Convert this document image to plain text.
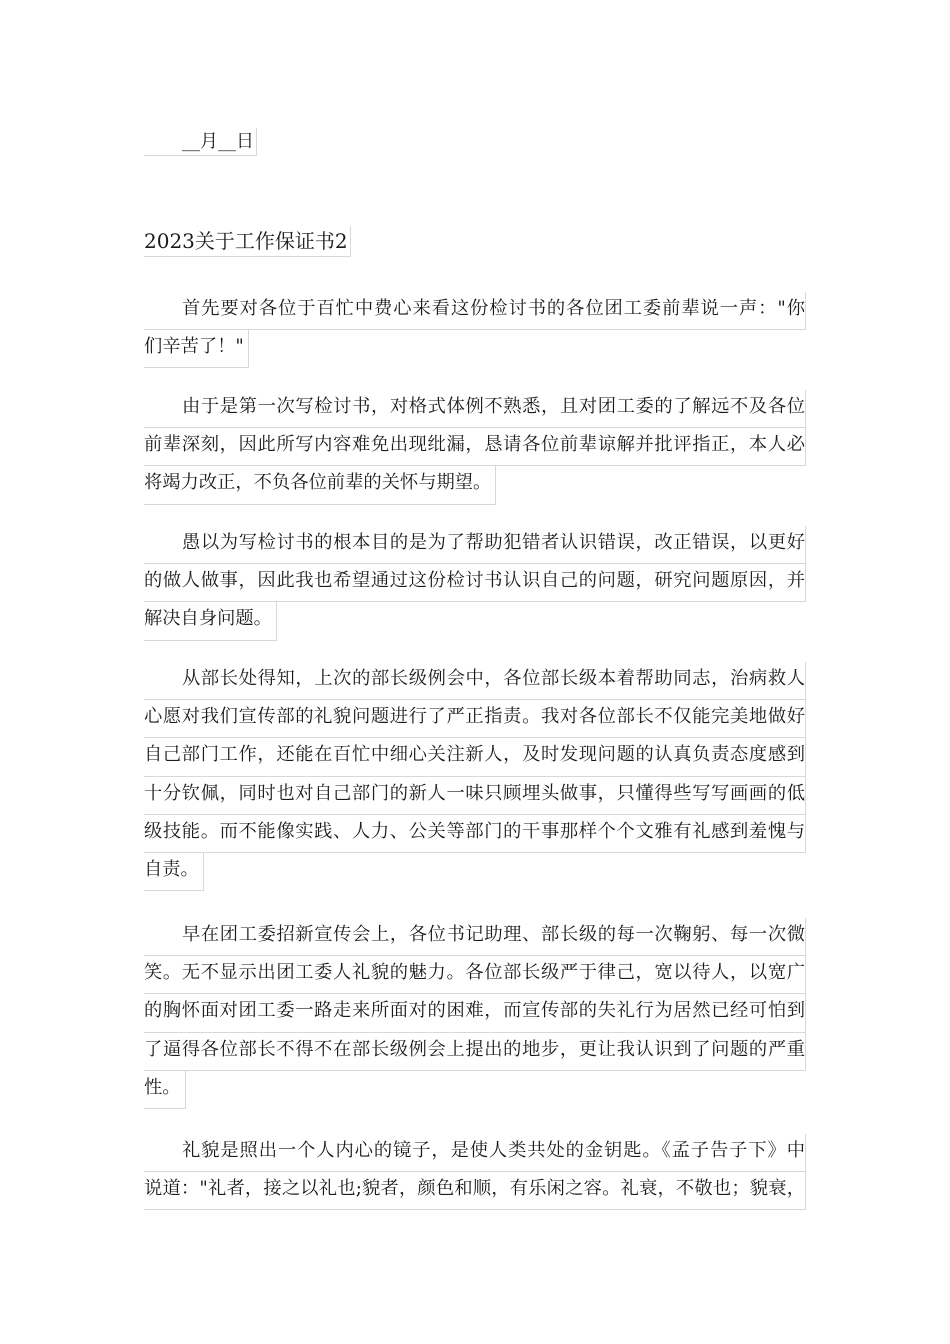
__月__日
2023关于工作保证书2
首先要对各位于百忙中费心来看这份检讨书的各位团工委前辈说一声："你
们辛苦了！"
由于是第一次写检讨书，对格式体例不熟悉，且对团工委的了解远不及各位
前辈深刻，因此所写内容难免出现纰漏，恳请各位前辈谅解并批评指正，本人必
将竭力改正，不负各位前辈的关怀与期望。
愚以为写检讨书的根本目的是为了帮助犯错者认识错误，改正错误，以更好
的做人做事，因此我也希望通过这份检讨书认识自己的问题，研究问题原因，并
解决自身问题。
从部长处得知，上次的部长级例会中，各位部长级本着帮助同志，治病救人
心愿对我们宣传部的礼貌问题进行了严正指责。我对各位部长不仅能完美地做好
自己部门工作，还能在百忙中细心关注新人，及时发现问题的认真负责态度感到
十分钦佩，同时也对自己部门的新人一味只顾埋头做事，只懂得些写写画画的低
级技能。而不能像实践、人力、公关等部门的干事那样个个文雅有礼感到羞愧与
自责。
早在团工委招新宣传会上，各位书记助理、部长级的每一次鞠躬、每一次微
笑。无不显示出团工委人礼貌的魅力。各位部长级严于律己，宽以待人，以宽广
的胸怀面对团工委一路走来所面对的困难，而宣传部的失礼行为居然已经可怕到
了逼得各位部长不得不在部长级例会上提出的地步，更让我认识到了问题的严重
性。
礼貌是照出一个人内心的镜子，是使人类共处的金钥匙。《孟子告子下》中
说道："礼者，接之以礼也;貌者，颜色和顺，有乐闲之容。礼衰，不敬也；貌衰，
